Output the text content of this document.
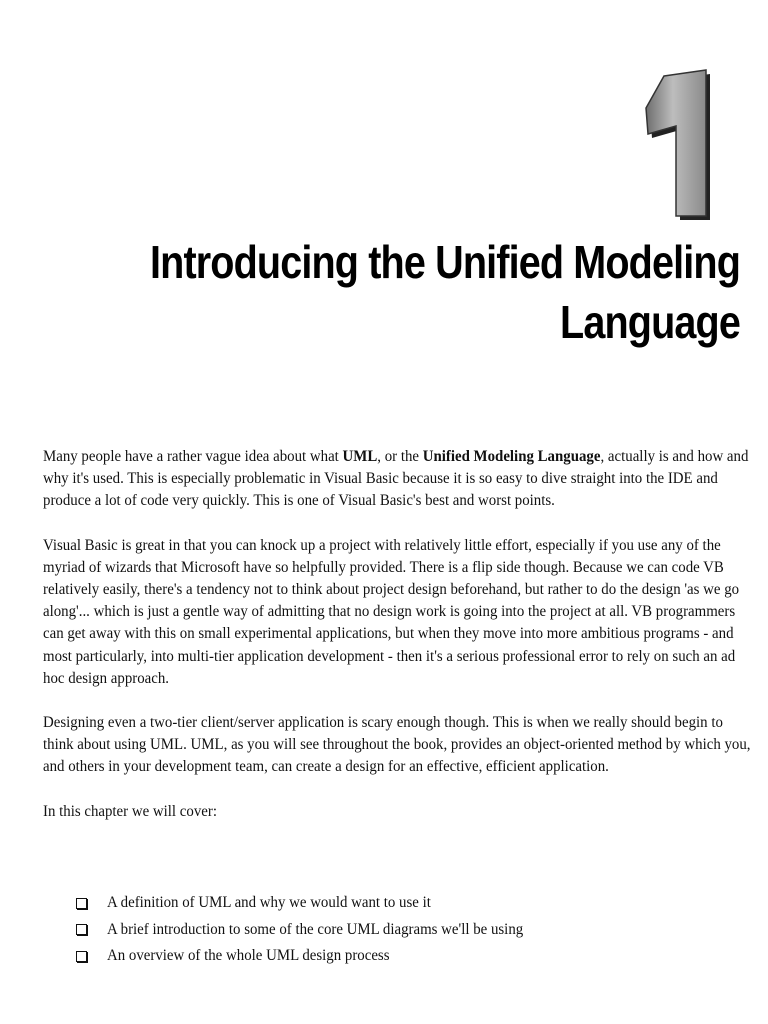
1
Introducing the Unified Modeling
Language

Many people have a rather vague idea about what UML, or the Unified Modeling Language, actually is and how and why it's used. This is especially problematic in Visual Basic because it is so easy to dive straight into the IDE and produce a lot of code very quickly. This is one of Visual Basic's best and worst points.

Visual Basic is great in that you can knock up a project with relatively little effort, especially if you use any of the myriad of wizards that Microsoft have so helpfully provided. There is a flip side though. Because we can code VB relatively easily, there's a tendency not to think about project design beforehand, but rather to do the design 'as we go along'... which is just a gentle way of admitting that no design work is going into the project at all. VB programmers can get away with this on small experimental applications, but when they move into more ambitious programs - and most particularly, into multi-tier application development - then it's a serious professional error to rely on such an ad hoc design approach.

Designing even a two-tier client/server application is scary enough though. This is when we really should begin to think about using UML. UML, as you will see throughout the book, provides an object-oriented method by which you, and others in your development team, can create a design for an effective, efficient application.

In this chapter we will cover:

A definition of UML and why we would want to use it
A brief introduction to some of the core UML diagrams we'll be using
An overview of the whole UML design process
